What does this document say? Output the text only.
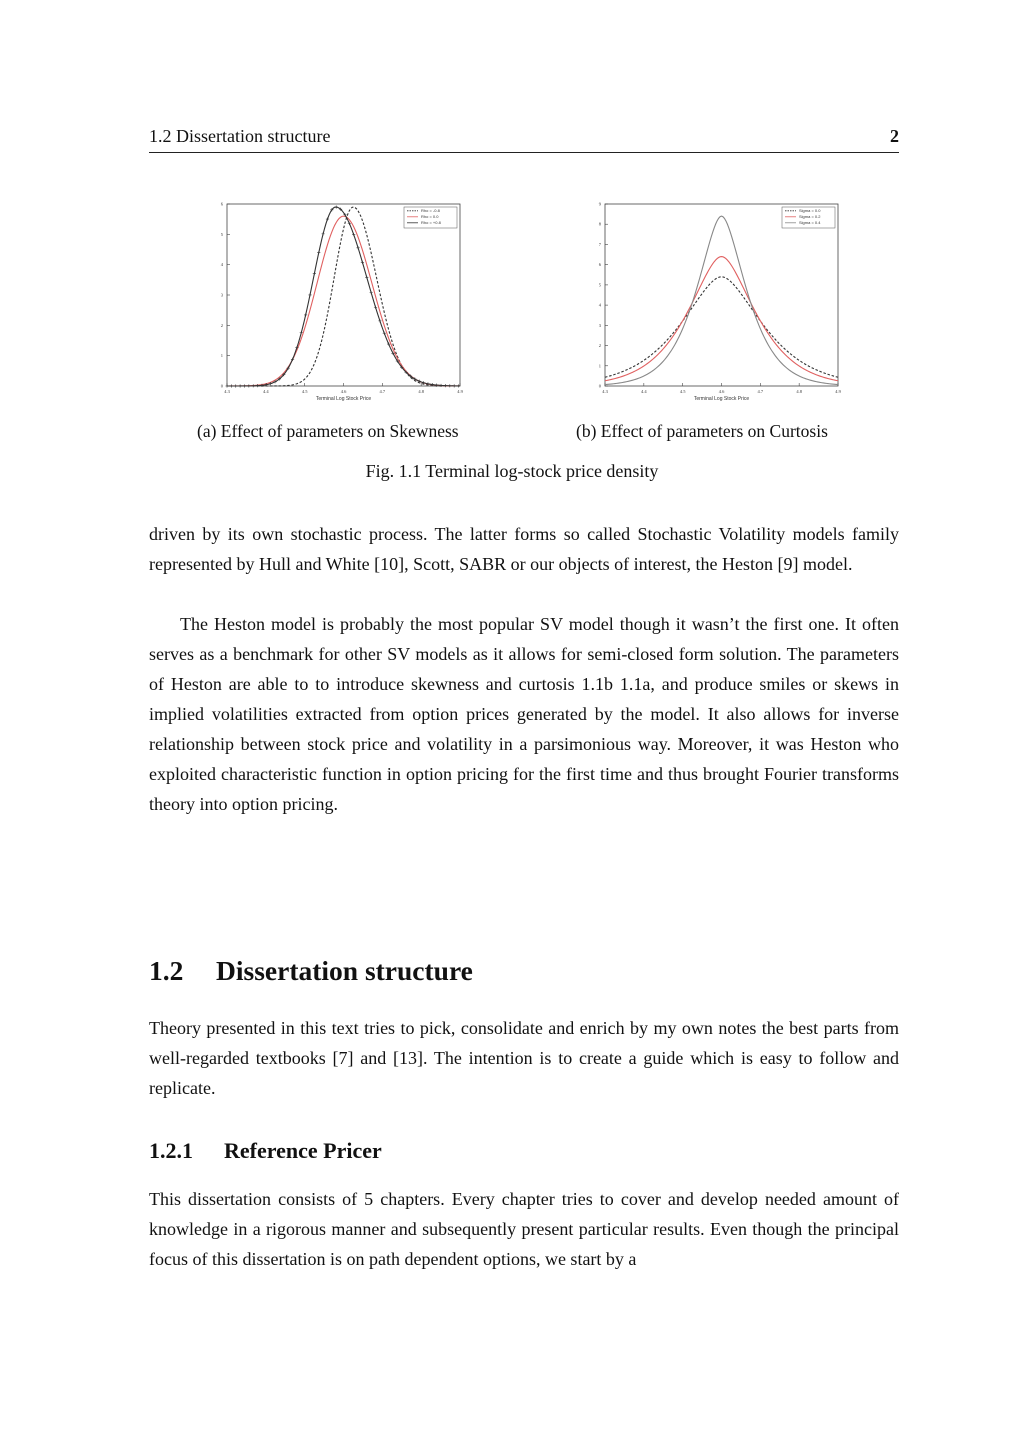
1.2 Dissertation structure	2
4.3	4.4	4.5	4.6	4.7	4.8	4.9
0
1
2
3
4
5
6
Terminal Log Stock Price
Rho = -0.8
Rho = 0.0
Rho = +0.8
4.3	4.4	4.5	4.6	4.7	4.8	4.9
0
1
2
3
4
5
6
7
8
9
Terminal Log Stock Price
Sigma = 0.0
Sigma = 0.2
Sigma = 0.4
(a) Effect of parameters on Skewness	(b) Effect of parameters on Curtosis
Fig. 1.1 Terminal log-stock price density

driven by its own stochastic process. The latter forms so called Stochastic Volatility models family represented by Hull and White [10], Scott, SABR or our objects of interest, the Heston [9] model.

The Heston model is probably the most popular SV model though it wasn’t the first one. It often serves as a benchmark for other SV models as it allows for semi-closed form solution. The parameters of Heston are able to to introduce skewness and curtosis 1.1b 1.1a, and produce smiles or skews in implied volatilities extracted from option prices generated by the model. It also allows for inverse relationship between stock price and volatility in a parsimonious way. Moreover, it was Heston who exploited characteristic function in option pricing for the first time and thus brought Fourier transforms theory into option pricing.

1.2 Dissertation structure

Theory presented in this text tries to pick, consolidate and enrich by my own notes the best parts from well-regarded textbooks [7] and [13]. The intention is to create a guide which is easy to follow and replicate.

1.2.1 Reference Pricer

This dissertation consists of 5 chapters. Every chapter tries to cover and develop needed amount of knowledge in a rigorous manner and subsequently present particular results. Even though the principal focus of this dissertation is on path dependent options, we start by a
